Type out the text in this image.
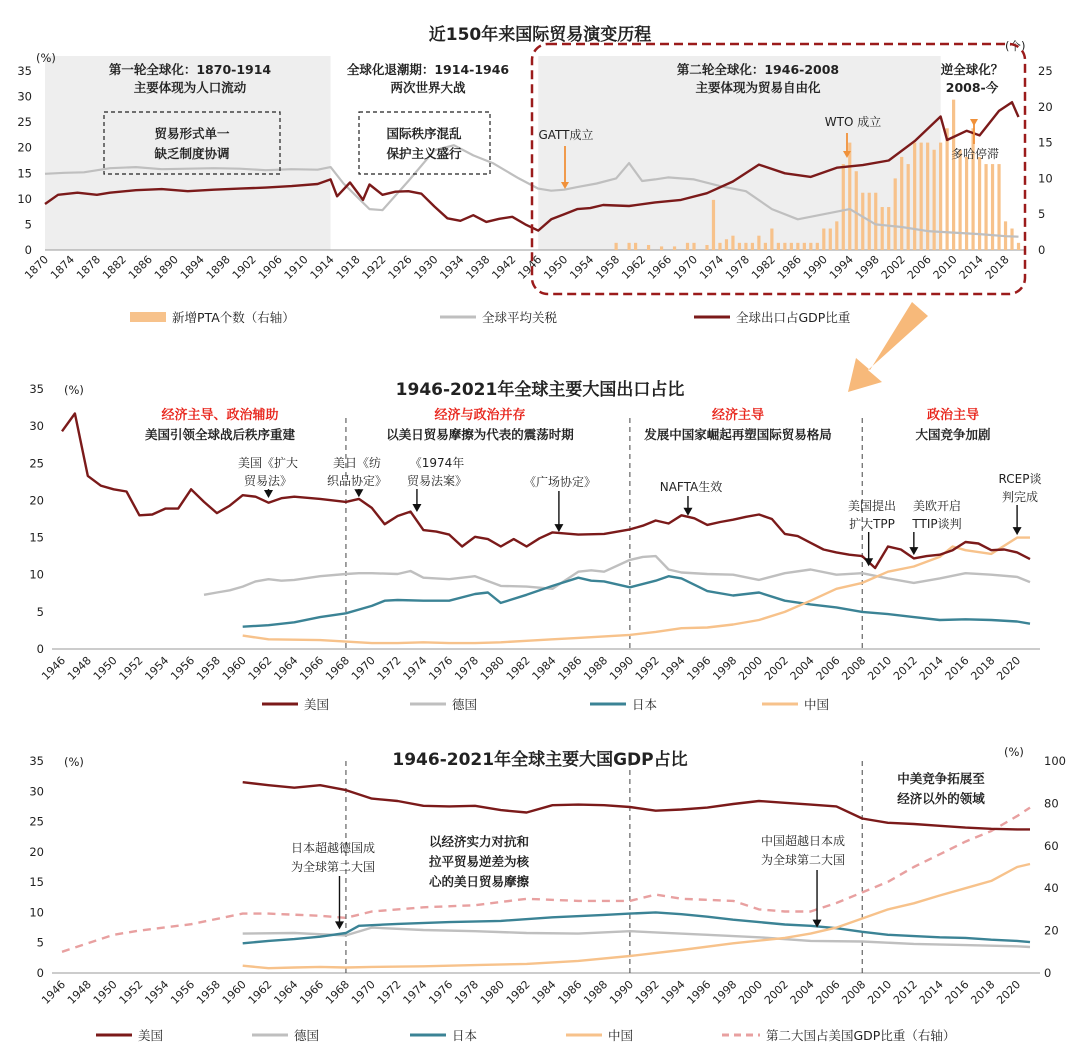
近150年来国际贸易演变历程
(%)
(个)
0
5
10
15
20
25
30
35
0
5
10
15
20
25
1870
1874
1878
1882
1886
1890
1894
1898
1902
1906
1910
1914
1918
1922
1926
1930
1934
1938
1942
1946
1950
1954
1958
1962
1966
1970
1974
1978
1982
1986
1990
1994
1998
2002
2006
2010
2014
2018
第一轮全球化：1870-1914
主要体现为人口流动
全球化退潮期：1914-1946
两次世界大战
第二轮全球化：1946-2008
主要体现为贸易自由化
逆全球化？
2008-今
贸易形式单一
缺乏制度协调
国际秩序混乱
保护主义盛行
GATT成立
WTO 成立
多哈停滞
新增PTA个数（右轴）	全球平均关税	全球出口占GDP比重
1946-2021年全球主要大国出口占比
(%)
0
5
10
15
20
25
30
35
1946
1948
1950
1952
1954
1956
1958
1960
1962
1964
1966
1968
1970
1972
1974
1976
1978
1980
1982
1984
1986
1988
1990
1992
1994
1996
1998
2000
2002
2004
2006
2008
2010
2012
2014
2016
2018
2020
经济主导、政治辅助
美国引领全球战后秩序重建
经济与政治并存
以美日贸易摩擦为代表的震荡时期
经济主导
发展中国家崛起再塑国际贸易格局
政治主导
大国竞争加剧
美国《扩大
贸易法》
美日《纺
织品协定》
《1974年
贸易法案》	《广场协定》	NAFTA生效
美国提出
扩大TPP
美欧开启
TTIP谈判
RCEP谈
判完成
美国	德国	日本	中国
1946-2021年全球主要大国GDP占比
(%)
(%)
0
5
10
15
20
25
30
35
0
20
40
60
80
100
1946
1948
1950
1952
1954
1956
1958
1960
1962
1964
1966
1968
1970
1972
1974
1976
1978
1980
1982
1984
1986
1988
1990
1992
1994
1996
1998
2000
2002
2004
2006
2008
2010
2012
2014
2016
2018
2020
日本超越德国成
为全球第二大国
以经济实力对抗和
拉平贸易逆差为核
心的美日贸易摩擦
中国超越日本成
为全球第二大国
中美竞争拓展至
经济以外的领域
美国	德国	日本	中国	第二大国占美国GDP比重（右轴）
